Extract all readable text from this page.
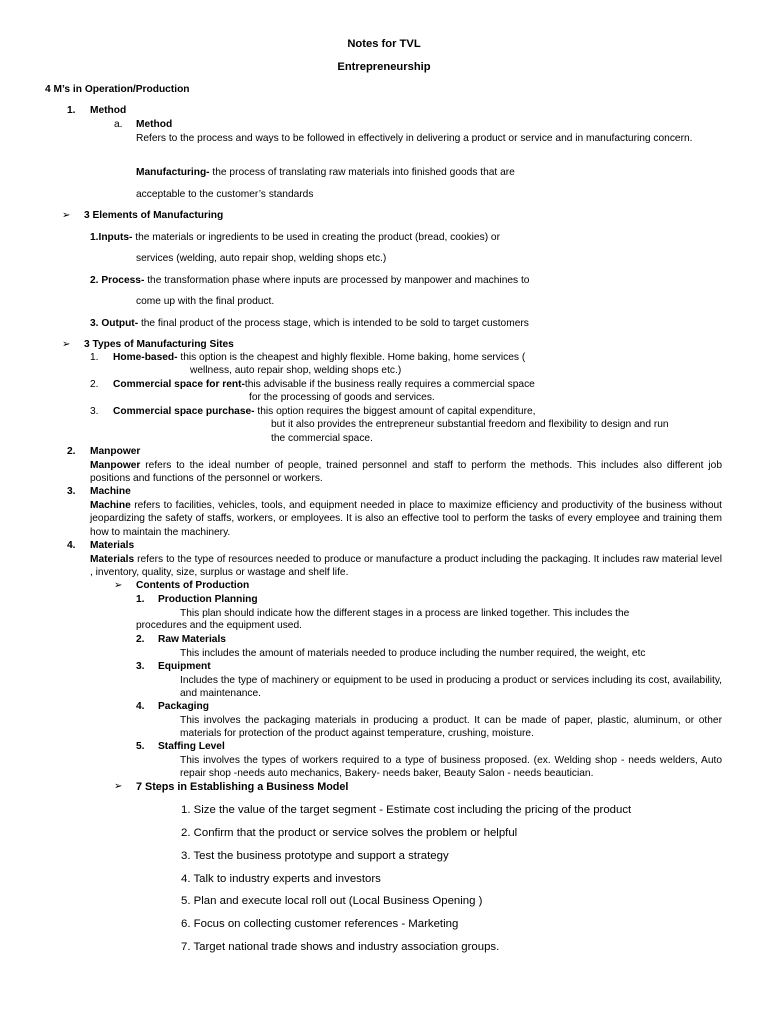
Notes for TVL
Entrepreneurship
4 M’s in Operation/Production
1. Method
a. Method
Refers to the process and ways to be followed in effectively in delivering a product or service and in manufacturing concern.
Manufacturing- the process of translating raw materials into finished goods that are
acceptable to the customer’s standards
➢ 3 Elements of Manufacturing
1.Inputs- the materials or ingredients to be used in creating the product (bread, cookies) or
services (welding, auto repair shop, welding shops etc.)
2. Process- the transformation phase where inputs are processed by manpower and machines to
come up with the final product.
3. Output- the final product of the process stage, which is intended to be sold to target customers
➢ 3 Types of Manufacturing Sites
1. Home-based- this option is the cheapest and highly flexible. Home baking, home services (
wellness, auto repair shop, welding shops etc.)
2. Commercial space for rent-this advisable if the business really requires a commercial space
for the processing of goods and services.
3. Commercial space purchase- this option requires the biggest amount of capital expenditure,
but it also provides the entrepreneur substantial freedom and flexibility to design and run
the commercial space.
2. Manpower
Manpower refers to the ideal number of people, trained personnel and staff to perform the methods. This includes also different job positions and functions of the personnel or workers.
3. Machine
Machine refers to facilities, vehicles, tools, and equipment needed in place to maximize efficiency and productivity of the business without jeopardizing the safety of staffs, workers, or employees. It is also an effective tool to perform the tasks of every employee and training them how to maintain the machinery.
4. Materials
Materials refers to the type of resources needed to produce or manufacture a product including the packaging. It includes raw material level , inventory, quality, size, surplus or wastage and shelf life.
➢ Contents of Production
1. Production Planning
This plan should indicate how the different stages in a process are linked together. This includes the
procedures and the equipment used.
2. Raw Materials
This includes the amount of materials needed to produce including the number required, the weight, etc
3. Equipment
Includes the type of machinery or equipment to be used in producing a product or services including its cost, availability, and maintenance.
4. Packaging
This involves the packaging materials in producing a product. It can be made of paper, plastic, aluminum, or other materials for protection of the product against temperature, crushing, moisture.
5. Staffing Level
This involves the types of workers required to a type of business proposed. (ex. Welding shop - needs welders, Auto repair shop -needs auto mechanics, Bakery- needs baker, Beauty Salon - needs beautician.
➢ 7 Steps in Establishing a Business Model
1. Size the value of the target segment - Estimate cost including the pricing of the product
2. Confirm that the product or service solves the problem or helpful
3. Test the business prototype and support a strategy
4. Talk to industry experts and investors
5. Plan and execute local roll out (Local Business Opening )
6. Focus on collecting customer references - Marketing
7. Target national trade shows and industry association groups.
